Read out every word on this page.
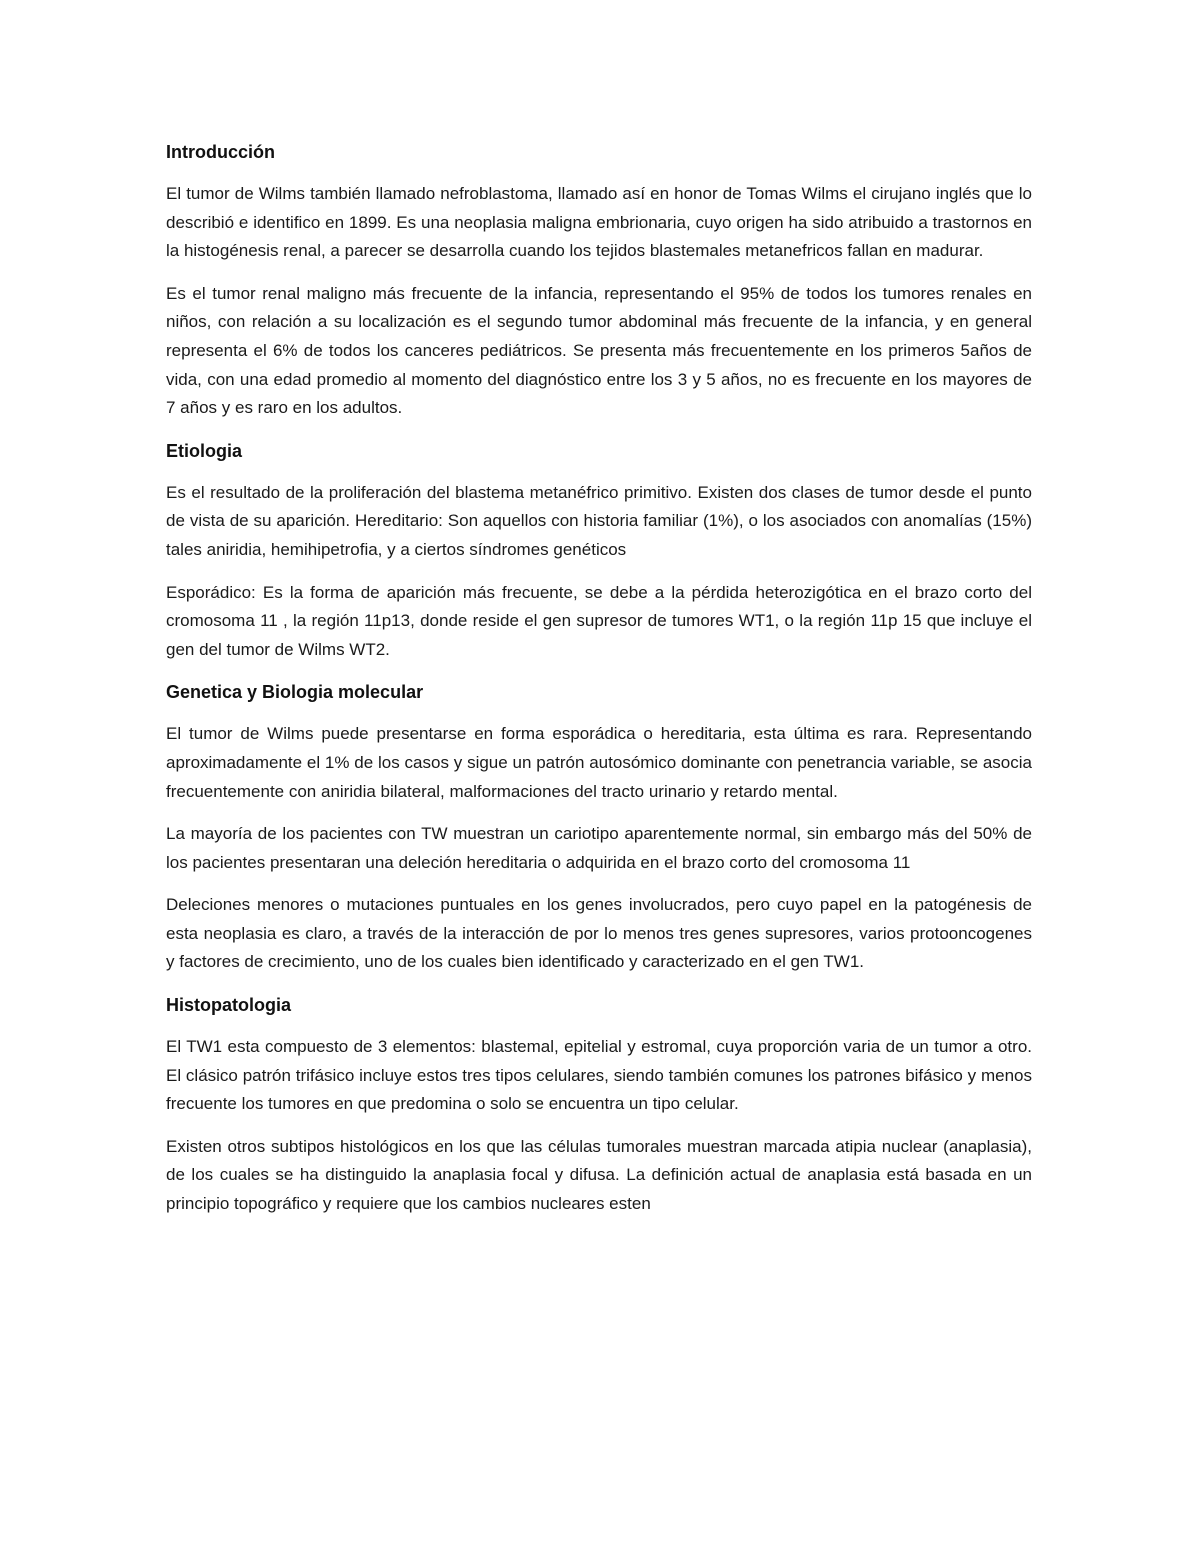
Introducción

El tumor de Wilms también llamado nefroblastoma, llamado así en honor de Tomas Wilms el cirujano inglés que lo describió e identifico en 1899. Es una neoplasia maligna embrionaria, cuyo origen ha sido atribuido a trastornos en la histogénesis renal, a parecer se desarrolla cuando los tejidos blastemales metanefricos fallan en madurar.

Es el tumor renal maligno más frecuente de la infancia, representando el 95% de todos los tumores renales en niños, con relación a su localización es el segundo tumor abdominal más frecuente de la infancia, y en general representa el 6% de todos los canceres pediátricos. Se presenta más frecuentemente en los primeros 5años de vida, con una edad promedio al momento del diagnóstico entre los 3 y 5 años, no es frecuente en los mayores de 7 años y es raro en los adultos.

Etiologia

Es el resultado de la proliferación del blastema metanéfrico primitivo. Existen dos clases de tumor desde el punto de vista de su aparición. Hereditario: Son aquellos con historia familiar (1%), o los asociados con anomalías (15%) tales aniridia, hemihipetrofia, y a ciertos síndromes genéticos

Esporádico: Es la forma de aparición más frecuente, se debe a la pérdida heterozigótica en el brazo corto del cromosoma 11 , la región 11p13, donde reside el gen supresor de tumores WT1, o la región 11p 15 que incluye el gen del tumor de Wilms WT2.

Genetica y Biologia molecular

El tumor de Wilms puede presentarse en forma esporádica o hereditaria, esta última es rara. Representando aproximadamente el 1% de los casos y sigue un patrón autosómico dominante con penetrancia variable, se asocia frecuentemente con aniridia bilateral, malformaciones del tracto urinario y retardo mental.

La mayoría de los pacientes con TW muestran un cariotipo aparentemente normal, sin embargo más del 50% de los pacientes presentaran una deleción hereditaria o adquirida en el brazo corto del cromosoma 11

Deleciones menores o mutaciones puntuales en los genes involucrados, pero cuyo papel en la patogénesis de esta neoplasia es claro, a través de la interacción de por lo menos tres genes supresores, varios protooncogenes y factores de crecimiento, uno de los cuales bien identificado y caracterizado en el gen TW1.

Histopatologia

El TW1 esta compuesto de 3 elementos: blastemal, epitelial y estromal, cuya proporción varia de un tumor a otro. El clásico patrón trifásico incluye estos tres tipos celulares, siendo también comunes los patrones bifásico y menos frecuente los tumores en que predomina o solo se encuentra un tipo celular.

Existen otros subtipos histológicos en los que las células tumorales muestran marcada atipia nuclear (anaplasia), de los cuales se ha distinguido la anaplasia focal y difusa. La definición actual de anaplasia está basada en un principio topográfico y requiere que los cambios nucleares esten
